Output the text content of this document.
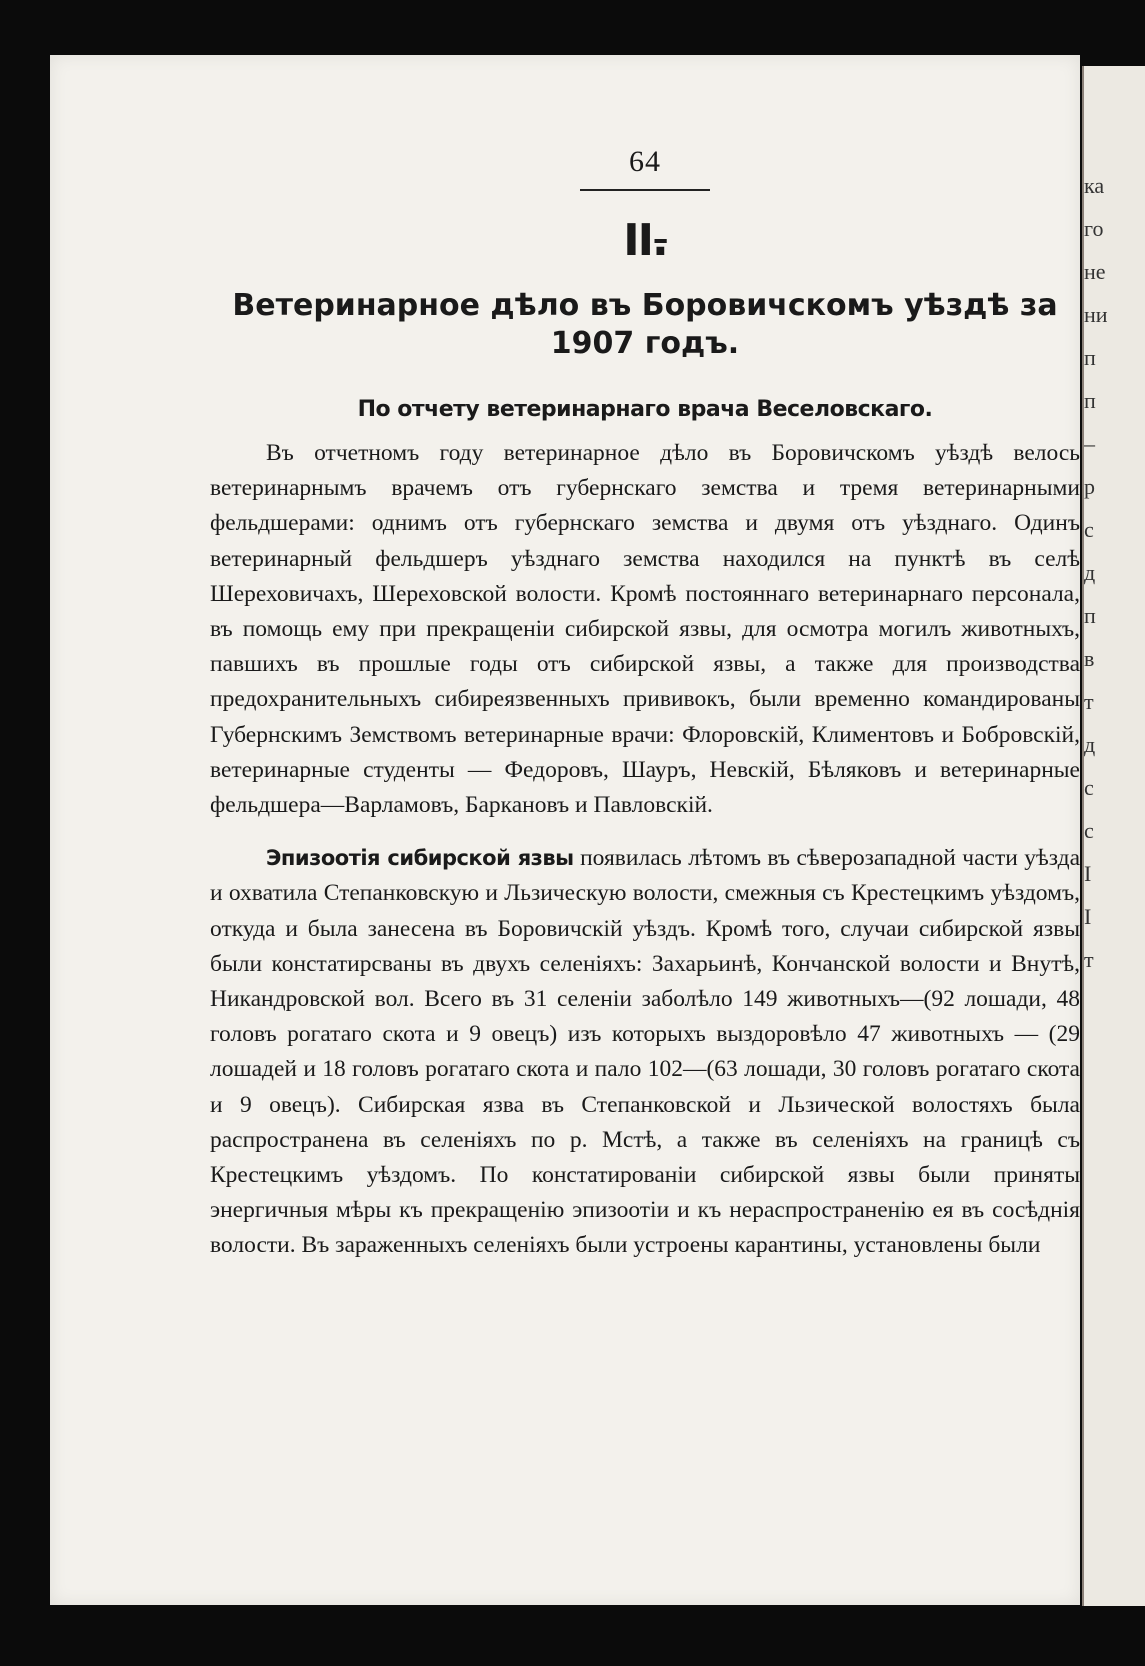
64
II.
Ветеринарное дѣло въ Боровичскомъ уѣздѣ за 1907 годъ.
По отчету ветеринарнаго врача Веселовскаго.

Въ отчетномъ году ветеринарное дѣло въ Боровичскомъ уѣздѣ велось ветеринарнымъ врачемъ отъ губернскаго земства и тремя ветеринарными фельдшерами: однимъ отъ губернскаго земства и двумя отъ уѣзднаго. Одинъ ветеринарный фельдшеръ уѣзднаго земства находился на пунктѣ въ селѣ Шереховичахъ, Шереховской волости. Кромѣ постояннаго ветеринарнаго персонала, въ помощь ему при прекращеніи сибирской язвы, для осмотра могилъ животныхъ, павшихъ въ прошлые годы отъ сибирской язвы, а также для производства предохранительныхъ сибиреязвенныхъ прививокъ, были временно командированы Губернскимъ Земствомъ ветеринарные врачи: Флоровскій, Климентовъ и Бобровскій, ветеринарные студенты — Федоровъ, Шауръ, Невскій, Бѣляковъ и ветеринарные фельдшера—Варламовъ, Баркановъ и Павловскій.

Эпизоотія сибирской язвы появилась лѣтомъ въ сѣверозападной части уѣзда и охватила Степанковскую и Льзическую волости, смежныя съ Крестецкимъ уѣздомъ, откуда и была занесена въ Боровичскій уѣздъ. Кромѣ того, случаи сибирской язвы были констатирсваны въ двухъ селеніяхъ: Захарьинѣ, Кончанской волости и Внутѣ, Никандровской вол. Всего въ 31 селеніи заболѣло 149 животныхъ—(92 лошади, 48 головъ рогатаго скота и 9 овецъ) изъ которыхъ выздоровѣло 47 животныхъ — (29 лошадей и 18 головъ рогатаго скота и пало 102—(63 лошади, 30 головъ рогатаго скота и 9 овецъ). Сибирская язва въ Степанковской и Льзической волостяхъ была распространена въ селеніяхъ по р. Мстѣ, а также въ селеніяхъ на границѣ съ Крестецкимъ уѣздомъ. По констатированіи сибирской язвы были приняты энергичныя мѣры къ прекращенію эпизоотіи и къ нераспространенію ея въ сосѣднія волости. Въ зараженныхъ селеніяхъ были устроены карантины, установлены были

ка
го
не
ни
п
п
–
р
с
д
п
в
т
д
с
с
I
I
т
